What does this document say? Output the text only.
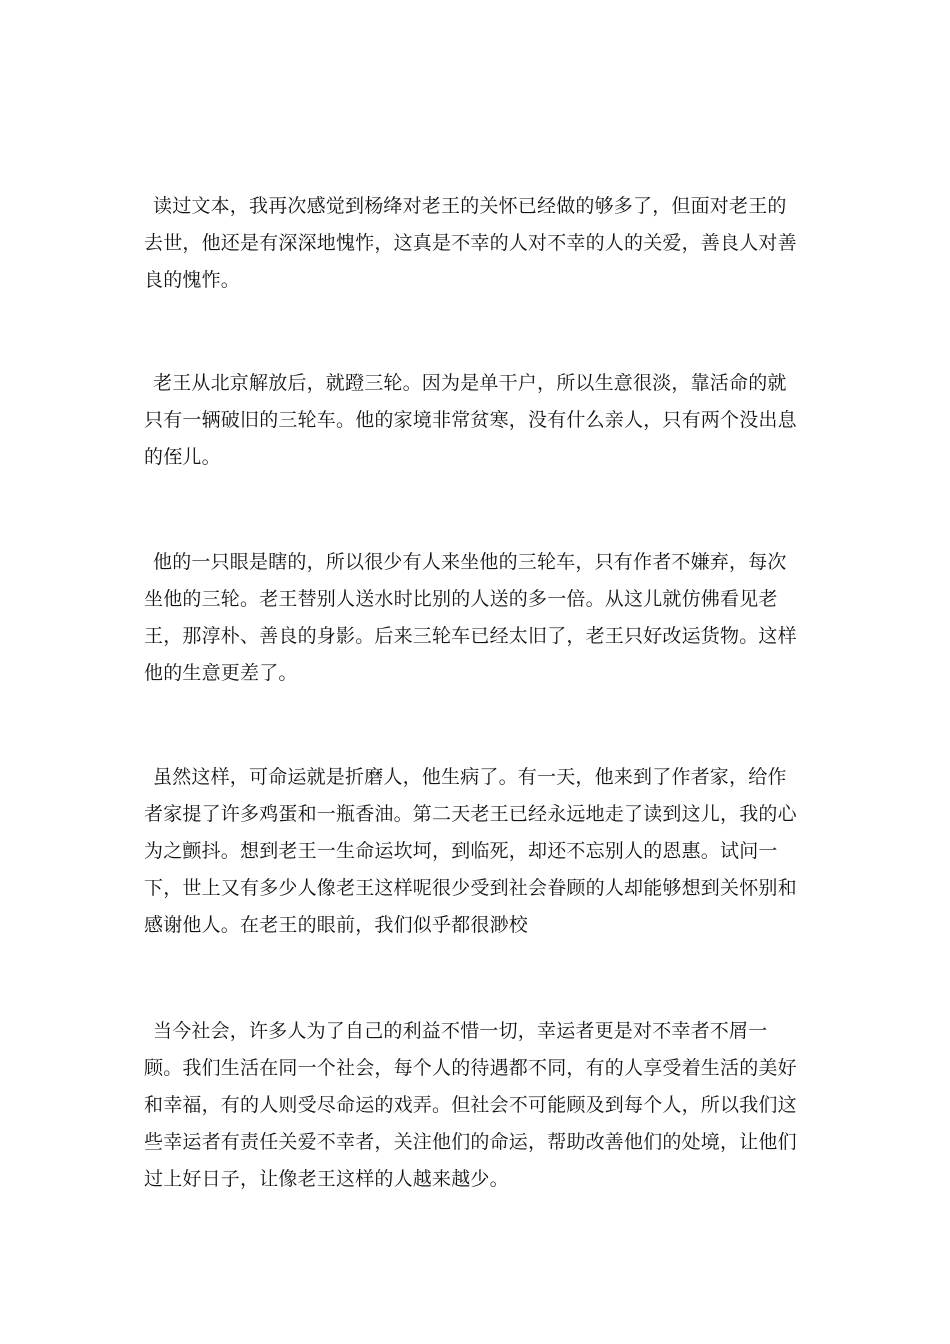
读过文本，我再次感觉到杨绛对老王的关怀已经做的够多了，但面对老王的去世，他还是有深深地愧怍，这真是不幸的人对不幸的人的关爱，善良人对善良的愧怍。

老王从北京解放后，就蹬三轮。因为是单干户，所以生意很淡，靠活命的就只有一辆破旧的三轮车。他的家境非常贫寒，没有什么亲人，只有两个没出息的侄儿。

他的一只眼是瞎的，所以很少有人来坐他的三轮车，只有作者不嫌弃，每次坐他的三轮。老王替别人送水时比别的人送的多一倍。从这儿就仿佛看见老王，那淳朴、善良的身影。后来三轮车已经太旧了，老王只好改运货物。这样他的生意更差了。

虽然这样，可命运就是折磨人，他生病了。有一天，他来到了作者家，给作者家提了许多鸡蛋和一瓶香油。第二天老王已经永远地走了读到这儿，我的心为之颤抖。想到老王一生命运坎坷，到临死，却还不忘别人的恩惠。试问一下，世上又有多少人像老王这样呢很少受到社会眷顾的人却能够想到关怀别和感谢他人。在老王的眼前，我们似乎都很渺校

当今社会，许多人为了自己的利益不惜一切，幸运者更是对不幸者不屑一顾。我们生活在同一个社会，每个人的待遇都不同，有的人享受着生活的美好和幸福，有的人则受尽命运的戏弄。但社会不可能顾及到每个人，所以我们这些幸运者有责任关爱不幸者，关注他们的命运，帮助改善他们的处境，让他们过上好日子，让像老王这样的人越来越少。
